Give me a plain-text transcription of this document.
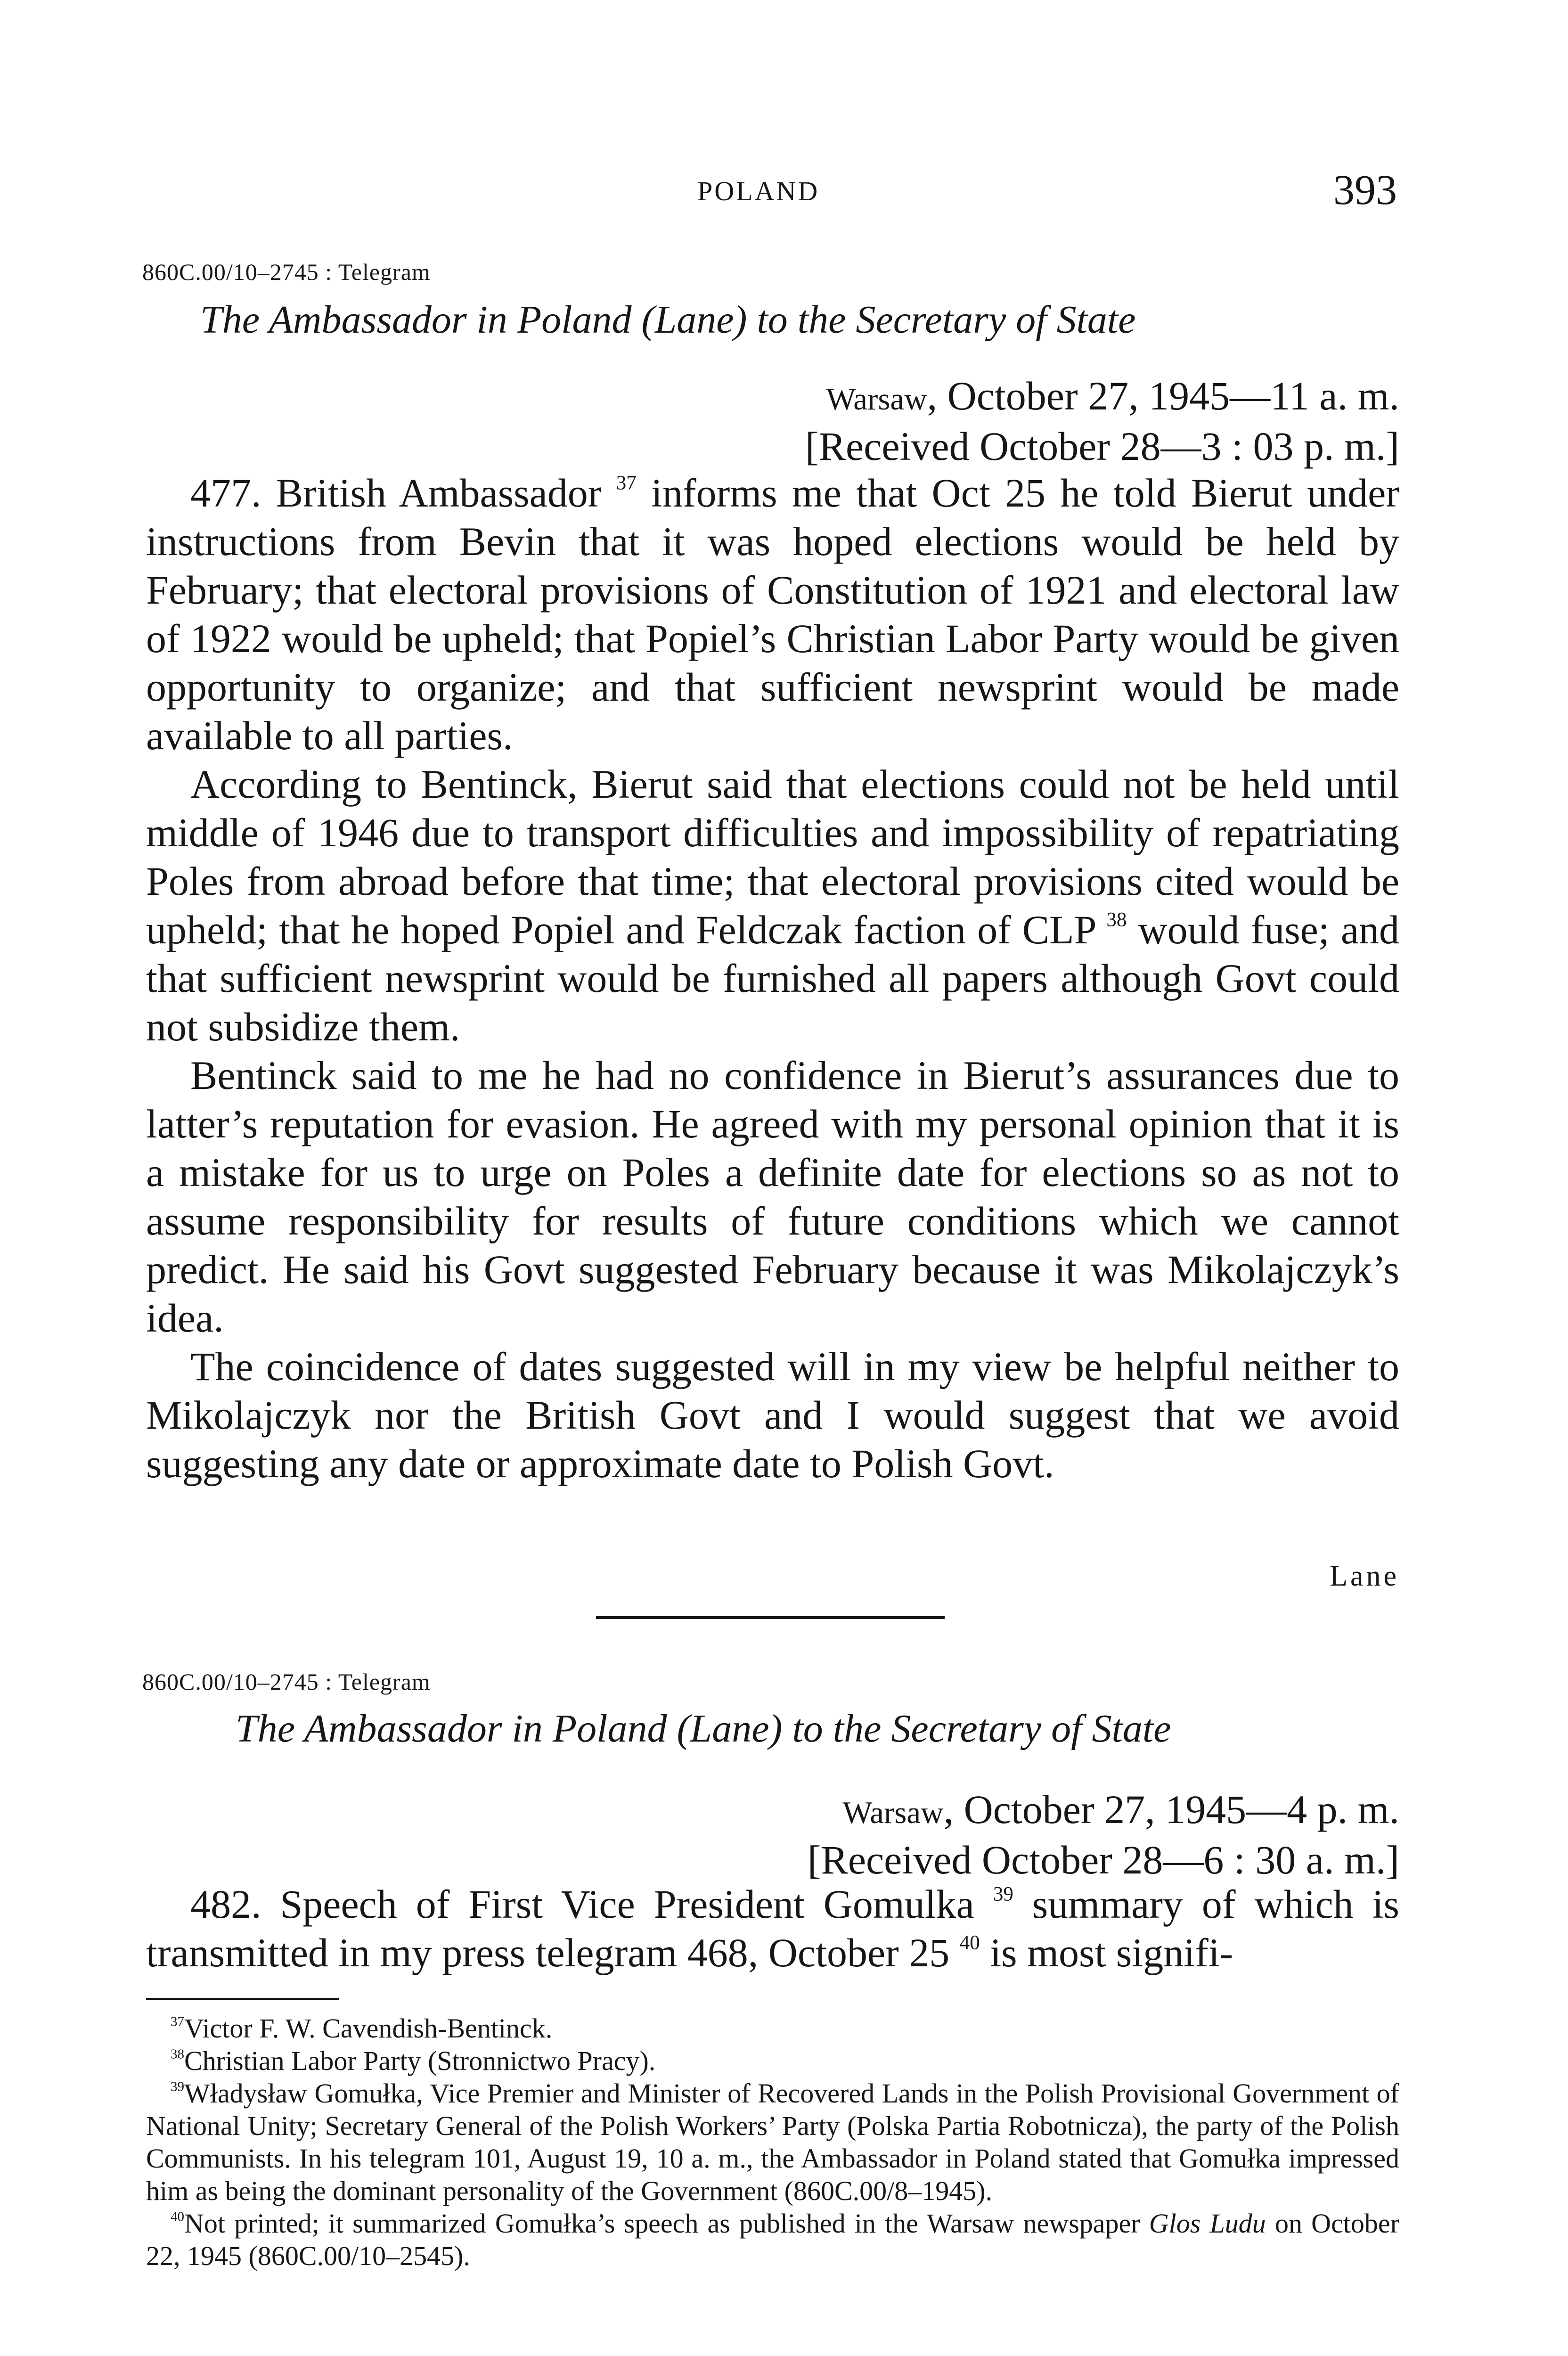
POLAND	393
860C.00/10–2745 : Telegram
The Ambassador in Poland (Lane) to the Secretary of State
Warsaw, October 27, 1945—11 a. m.
[Received October 28—3 : 03 p. m.]

477. British Ambassador $^{37}$ informs me that Oct 25 he told Bierut under instructions from Bevin that it was hoped elections would be held by February; that electoral provisions of Constitution of 1921 and electoral law of 1922 would be upheld; that Popiel’s Christian Labor Party would be given opportunity to organize; and that sufficient newsprint would be made available to all parties.

According to Bentinck, Bierut said that elections could not be held until middle of 1946 due to transport difficulties and impossibility of repatriating Poles from abroad before that time; that electoral provisions cited would be upheld; that he hoped Popiel and Feldczak faction of CLP $^{38}$ would fuse; and that sufficient newsprint would be furnished all papers although Govt could not subsidize them.

Bentinck said to me he had no confidence in Bierut’s assurances due to latter’s reputation for evasion. He agreed with my personal opinion that it is a mistake for us to urge on Poles a definite date for elections so as not to assume responsibility for results of future conditions which we cannot predict. He said his Govt suggested February because it was Mikolajczyk’s idea.

The coincidence of dates suggested will in my view be helpful neither to Mikolajczyk nor the British Govt and I would suggest that we avoid suggesting any date or approximate date to Polish Govt.

Lane
860C.00/10–2745 : Telegram
The Ambassador in Poland (Lane) to the Secretary of State
Warsaw, October 27, 1945—4 p. m.
[Received October 28—6 : 30 a. m.]

482. Speech of First Vice President Gomulka $^{39}$ summary of which is transmitted in my press telegram 468, October 25 $^{40}$ is most signifi-

$^{37}$Victor F. W. Cavendish-Bentinck.

$^{38}$Christian Labor Party (Stronnictwo Pracy).

$^{39}$Władysław Gomułka, Vice Premier and Minister of Recovered Lands in the Polish Provisional Government of National Unity; Secretary General of the Polish Workers’ Party (Polska Partia Robotnicza), the party of the Polish Communists. In his telegram 101, August 19, 10 a. m., the Ambassador in Poland stated that Gomułka impressed him as being the dominant personality of the Government (860C.00/8–1945).

$^{40}$Not printed; it summarized Gomułka’s speech as published in the Warsaw newspaper Glos Ludu on October 22, 1945 (860C.00/10–2545).
